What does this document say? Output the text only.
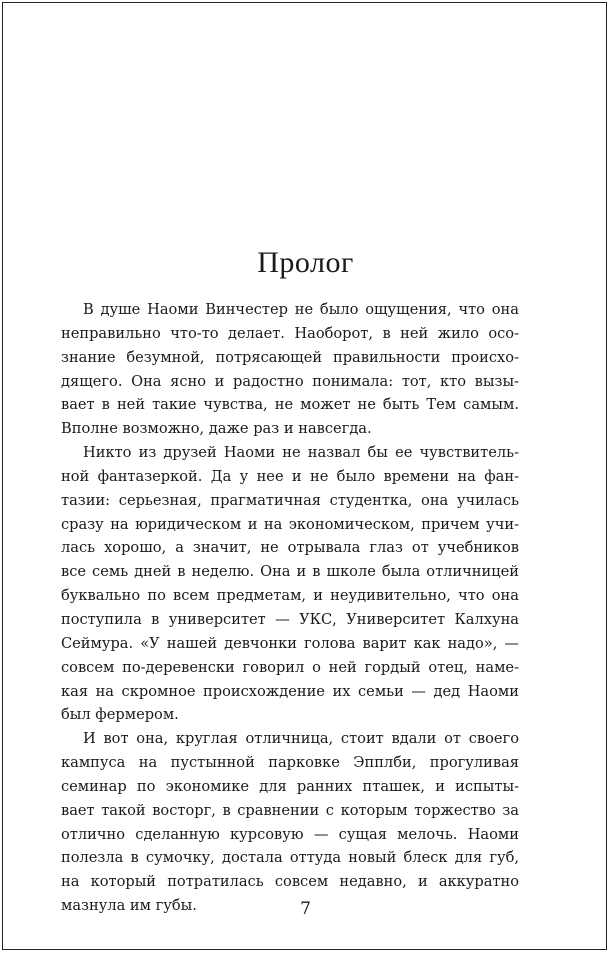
Пролог
В душе Наоми Винчестер не было ощущения, что она
неправильно что-то делает. Наоборот, в ней жило осо-
знание безумной, потрясающей правильности происхо-
дящего. Она ясно и радостно понимала: тот, кто вызы-
вает в ней такие чувства, не может не быть Тем самым.
Вполне возможно, даже раз и навсегда.
Никто из друзей Наоми не назвал бы ее чувствитель-
ной фантазеркой. Да у нее и не было времени на фан-
тазии: серьезная, прагматичная студентка, она училась
сразу на юридическом и на экономическом, причем учи-
лась хорошо, а значит, не отрывала глаз от учебников
все семь дней в неделю. Она и в школе была отличницей
буквально по всем предметам, и неудивительно, что она
поступила в университет — УКС, Университет Калхуна
Сеймура. «У нашей девчонки голова варит как надо», —
совсем по-деревенски говорил о ней гордый отец, наме-
кая на скромное происхождение их семьи — дед Наоми
был фермером.
И вот она, круглая отличница, стоит вдали от своего
кампуса на пустынной парковке Эпплби, прогуливая
семинар по экономике для ранних пташек, и испыты-
вает такой восторг, в сравнении с которым торжество за
отлично сделанную курсовую — сущая мелочь. Наоми
полезла в сумочку, достала оттуда новый блеск для губ,
на который потратилась совсем недавно, и аккуратно
мазнула им губы.	7
